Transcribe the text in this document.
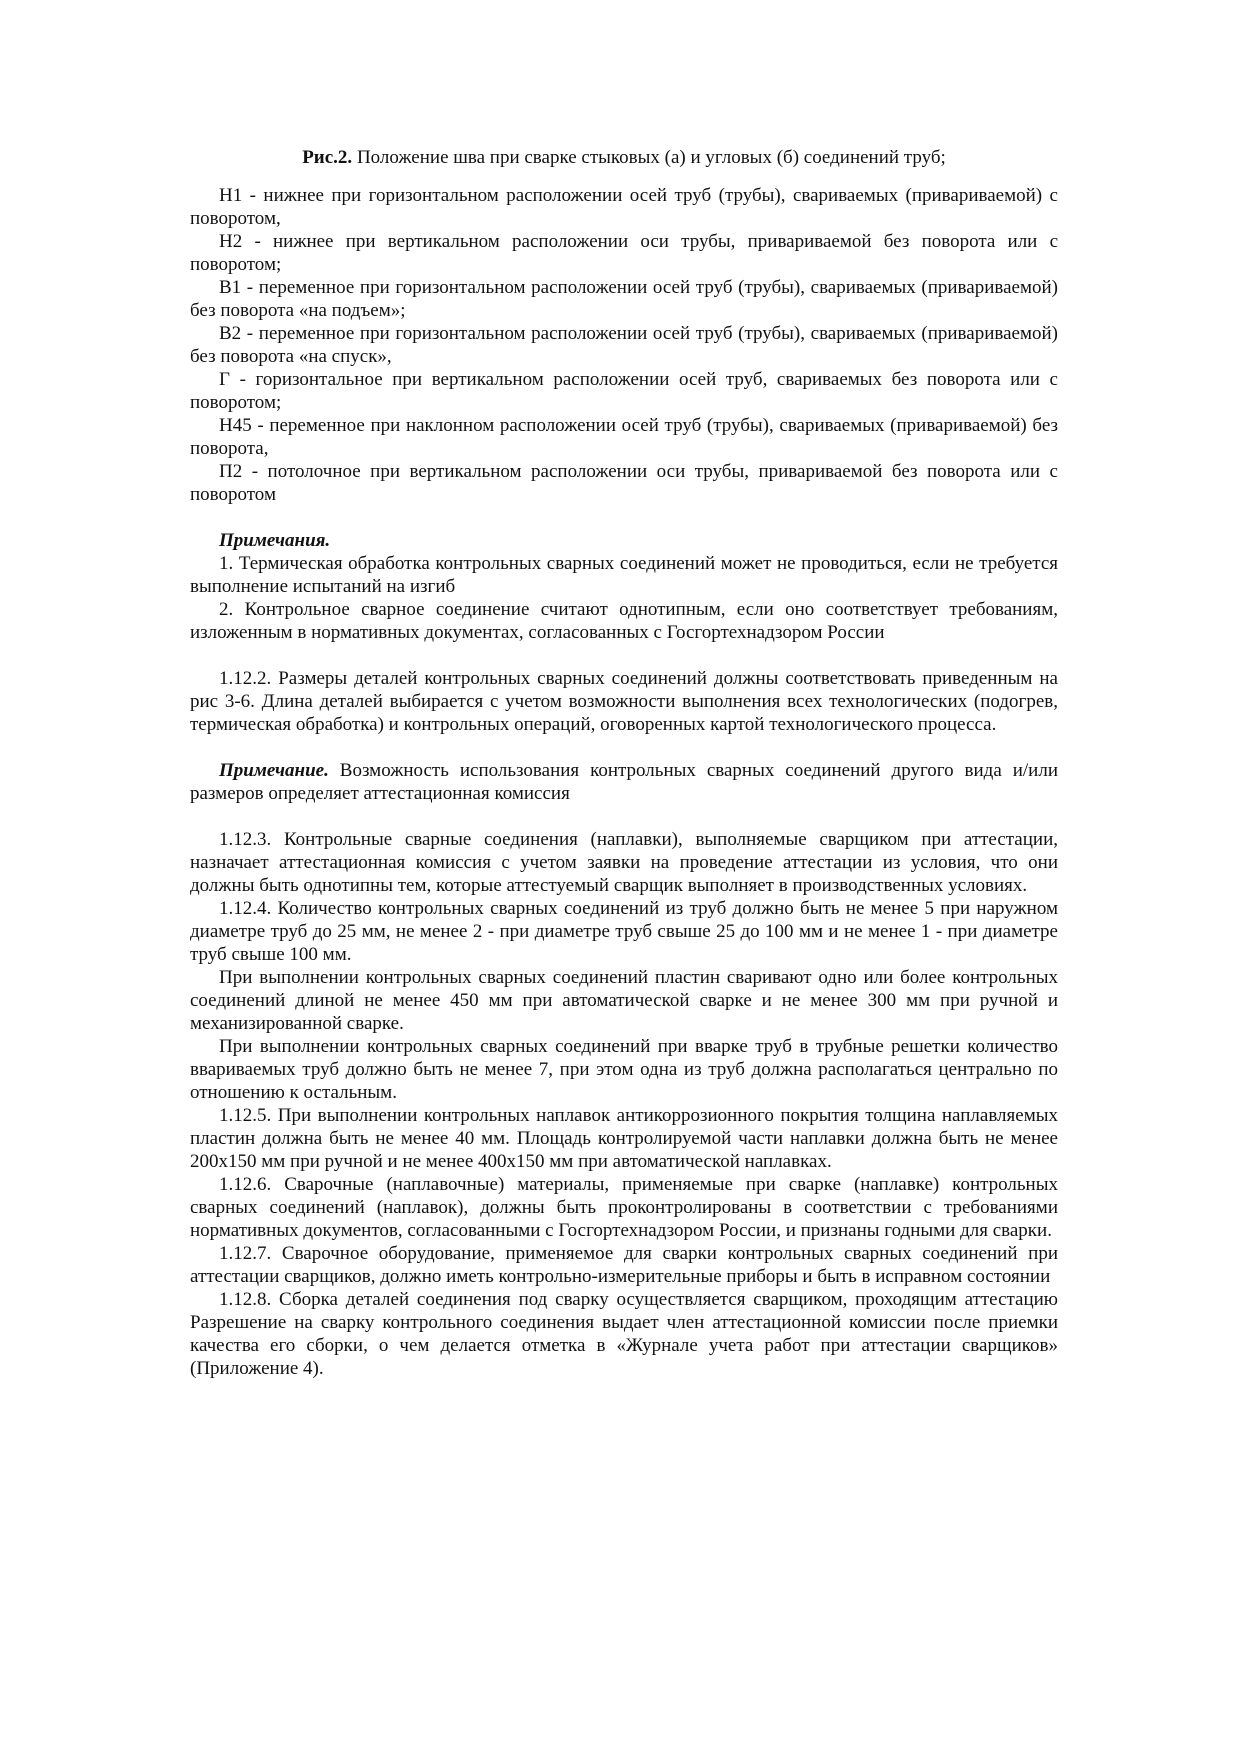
Рис.2. Положение шва при сварке стыковых (а) и угловых (б) соединений труб;

Н1 - нижнее при горизонтальном расположении осей труб (трубы), свариваемых (привариваемой) с поворотом,

Н2 - нижнее при вертикальном расположении оси трубы, привариваемой без поворота или с поворотом;

В1 - переменное при горизонтальном расположении осей труб (трубы), свариваемых (привариваемой) без поворота «на подъем»;

В2 - переменное при горизонтальном расположении осей труб (трубы), свариваемых (привариваемой) без поворота «на спуск»,

Г - горизонтальное при вертикальном расположении осей труб, свариваемых без поворота или с поворотом;

Н45 - переменное при наклонном расположении осей труб (трубы), свариваемых (привариваемой) без поворота,

П2 - потолочное при вертикальном расположении оси трубы, привариваемой без поворота или с поворотом

Примечания.

1. Термическая обработка контрольных сварных соединений может не проводиться, если не требуется выполнение испытаний на изгиб

2. Контрольное сварное соединение считают однотипным, если оно соответствует требованиям, изложенным в нормативных документах, согласованных с Госгортехнадзором России

1.12.2. Размеры деталей контрольных сварных соединений должны соответствовать приведенным на рис 3-6. Длина деталей выбирается с учетом возможности выполнения всех технологических (подогрев, термическая обработка) и контрольных операций, оговоренных картой технологического процесса.

Примечание. Возможность использования контрольных сварных соединений другого вида и/или размеров определяет аттестационная комиссия

1.12.3. Контрольные сварные соединения (наплавки), выполняемые сварщиком при аттестации, назначает аттестационная комиссия с учетом заявки на проведение аттестации из условия, что они должны быть однотипны тем, которые аттестуемый сварщик выполняет в производственных условиях.

1.12.4. Количество контрольных сварных соединений из труб должно быть не менее 5 при наружном диаметре труб до 25 мм, не менее 2 - при диаметре труб свыше 25 до 100 мм и не менее 1 - при диаметре труб свыше 100 мм.

При выполнении контрольных сварных соединений пластин сваривают одно или более контрольных соединений длиной не менее 450 мм при автоматической сварке и не менее 300 мм при ручной и механизированной сварке.

При выполнении контрольных сварных соединений при вварке труб в трубные решетки количество ввариваемых труб должно быть не менее 7, при этом одна из труб должна располагаться центрально по отношению к остальным.

1.12.5. При выполнении контрольных наплавок антикоррозионного покрытия толщина наплавляемых пластин должна быть не менее 40 мм. Площадь контролируемой части наплавки должна быть не менее 200x150 мм при ручной и не менее 400x150 мм при автоматической наплавках.

1.12.6. Сварочные (наплавочные) материалы, применяемые при сварке (наплавке) контрольных сварных соединений (наплавок), должны быть проконтролированы в соответствии с требованиями нормативных документов, согласованными с Госгортехнадзором России, и признаны годными для сварки.

1.12.7. Сварочное оборудование, применяемое для сварки контрольных сварных соединений при аттестации сварщиков, должно иметь контрольно-измерительные приборы и быть в исправном состоянии

1.12.8. Сборка деталей соединения под сварку осуществляется сварщиком, проходящим аттестацию Разрешение на сварку контрольного соединения выдает член аттестационной комиссии после приемки качества его сборки, о чем делается отметка в «Журнале учета работ при аттестации сварщиков» (Приложение 4).
